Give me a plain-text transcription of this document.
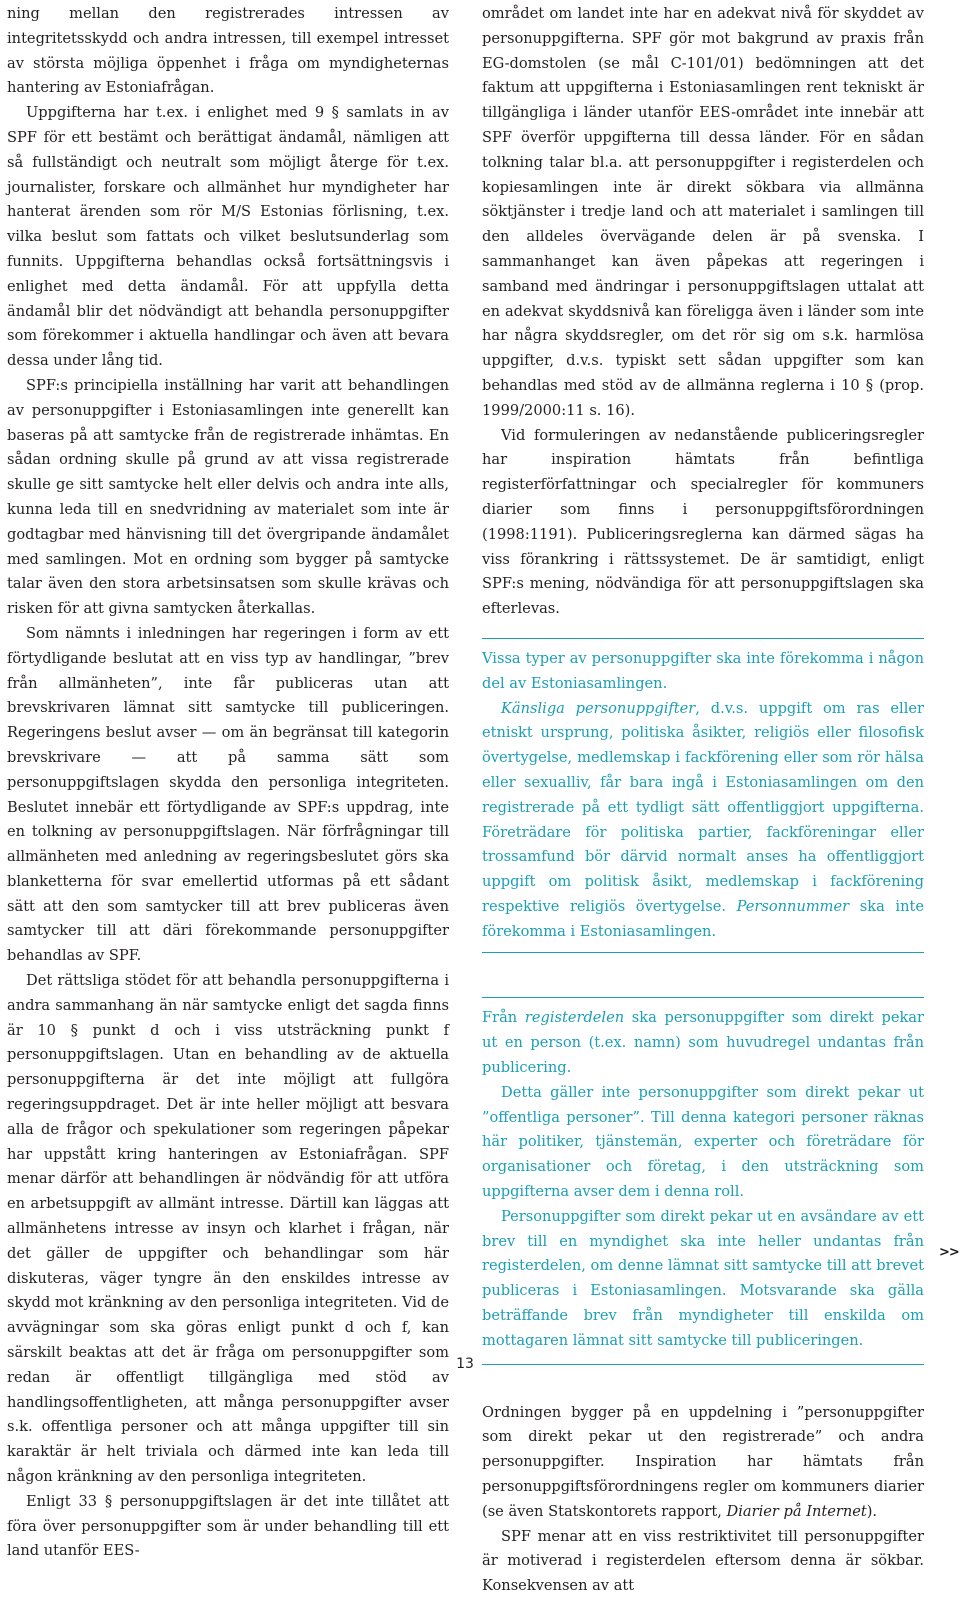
ning mellan den registrerades intressen av integritetsskydd och andra intressen, till exempel intresset av största möjliga öppenhet i fråga om myndigheternas hantering av Estoniafrågan.

Uppgifterna har t.ex. i enlighet med 9 § samlats in av SPF för ett bestämt och berättigat ändamål, nämligen att så fullständigt och neutralt som möjligt återge för t.ex. journalister, forskare och allmänhet hur myndigheter har hanterat ärenden som rör M/S Estonias förlisning, t.ex. vilka beslut som fattats och vilket beslutsunderlag som funnits. Uppgifterna behandlas också fortsättningsvis i enlighet med detta ändamål. För att uppfylla detta ändamål blir det nödvändigt att behandla personuppgifter som förekommer i aktuella handlingar och även att bevara dessa under lång tid.

SPF:s principiella inställning har varit att behandlingen av personuppgifter i Estoniasamlingen inte generellt kan baseras på att samtycke från de registrerade inhämtas. En sådan ordning skulle på grund av att vissa registrerade skulle ge sitt samtycke helt eller delvis och andra inte alls, kunna leda till en snedvridning av materialet som inte är godtagbar med hänvisning till det övergripande ändamålet med samlingen. Mot en ordning som bygger på samtycke talar även den stora arbetsinsatsen som skulle krävas och risken för att givna samtycken återkallas.

Som nämnts i inledningen har regeringen i form av ett förtydligande beslutat att en viss typ av handlingar, ”brev från allmänheten”, inte får publiceras utan att brevskrivaren lämnat sitt samtycke till publiceringen. Regeringens beslut avser — om än begränsat till kategorin brevskrivare — att på samma sätt som personuppgiftslagen skydda den personliga integriteten. Beslutet innebär ett förtydligande av SPF:s uppdrag, inte en tolkning av personuppgiftslagen. När förfrågningar till allmänheten med anledning av regeringsbeslutet görs ska blanketterna för svar emellertid utformas på ett sådant sätt att den som samtycker till att brev publiceras även samtycker till att däri förekommande personuppgifter behandlas av SPF.

Det rättsliga stödet för att behandla personuppgifterna i andra sammanhang än när samtycke enligt det sagda finns är 10 § punkt d och i viss utsträckning punkt f personuppgiftslagen. Utan en behandling av de aktuella personuppgifterna är det inte möjligt att fullgöra regeringsuppdraget. Det är inte heller möjligt att besvara alla de frågor och spekulationer som regeringen påpekar har uppstått kring hanteringen av Estoniafrågan. SPF menar därför att behandlingen är nödvändig för att utföra en arbetsuppgift av allmänt intresse. Därtill kan läggas att allmänhetens intresse av insyn och klarhet i frågan, när det gäller de uppgifter och behandlingar som här diskuteras, väger tyngre än den enskildes intresse av skydd mot kränkning av den personliga integriteten. Vid de avvägningar som ska göras enligt punkt d och f, kan särskilt beaktas att det är fråga om personuppgifter som redan är offentligt tillgängliga med stöd av handlingsoffentligheten, att många personuppgifter avser s.k. offentliga personer och att många uppgifter till sin karaktär är helt triviala och därmed inte kan leda till någon kränkning av den personliga integriteten.

Enligt 33 § personuppgiftslagen är det inte tillåtet att föra över personuppgifter som är under behandling till ett land utanför EES-

området om landet inte har en adekvat nivå för skyddet av personuppgifterna. SPF gör mot bakgrund av praxis från EG-domstolen (se mål C-101/01) bedömningen att det faktum att uppgifterna i Estoniasamlingen rent tekniskt är tillgängliga i länder utanför EES-området inte innebär att SPF överför uppgifterna till dessa länder. För en sådan tolkning talar bl.a. att personuppgifter i registerdelen och kopiesamlingen inte är direkt sökbara via allmänna söktjänster i tredje land och att materialet i samlingen till den alldeles övervägande delen är på svenska. I sammanhanget kan även påpekas att regeringen i samband med ändringar i personuppgiftslagen uttalat att en adekvat skyddsnivå kan föreligga även i länder som inte har några skyddsregler, om det rör sig om s.k. harmlösa uppgifter, d.v.s. typiskt sett sådan uppgifter som kan behandlas med stöd av de allmänna reglerna i 10 § (prop. 1999/2000:11 s. 16).

Vid formuleringen av nedanstående publiceringsregler har inspiration hämtats från befintliga registerförfattningar och specialregler för kommuners diarier som finns i personuppgiftsförordningen (1998:1191). Publiceringsreglerna kan därmed sägas ha viss förankring i rättssystemet. De är samtidigt, enligt SPF:s mening, nödvändiga för att personuppgiftslagen ska efterlevas.

Vissa typer av personuppgifter ska inte förekomma i någon del av Estoniasamlingen.

Känsliga personuppgifter, d.v.s. uppgift om ras eller etniskt ursprung, politiska åsikter, religiös eller filosofisk övertygelse, medlemskap i fackförening eller som rör hälsa eller sexualliv, får bara ingå i Estoniasamlingen om den registrerade på ett tydligt sätt offentliggjort uppgifterna. Företrädare för politiska partier, fackföreningar eller trossamfund bör därvid normalt anses ha offentliggjort uppgift om politisk åsikt, medlemskap i fackförening respektive religiös övertygelse. Personnummer ska inte förekomma i Estoniasamlingen.

Från registerdelen ska personuppgifter som direkt pekar ut en person (t.ex. namn) som huvudregel undantas från publicering.

Detta gäller inte personuppgifter som direkt pekar ut ”offentliga personer”. Till denna kategori personer räknas här politiker, tjänstemän, experter och företrädare för organisationer och företag, i den utsträckning som uppgifterna avser dem i denna roll.

Personuppgifter som direkt pekar ut en avsändare av ett brev till en myndighet ska inte heller undantas från registerdelen, om denne lämnat sitt samtycke till att brevet publiceras i Estoniasamlingen. Motsvarande ska gälla beträffande brev från myndigheter till enskilda om mottagaren lämnat sitt samtycke till publiceringen.

Ordningen bygger på en uppdelning i ”personuppgifter som direkt pekar ut den registrerade” och andra personuppgifter. Inspiration har hämtats från personuppgiftsförordningens regler om kommuners diarier (se även Statskontorets rapport, Diarier på Internet).

SPF menar att en viss restriktivitet till personuppgifter är motiverad i registerdelen eftersom denna är sökbar. Konsekvensen av att

>>
13
